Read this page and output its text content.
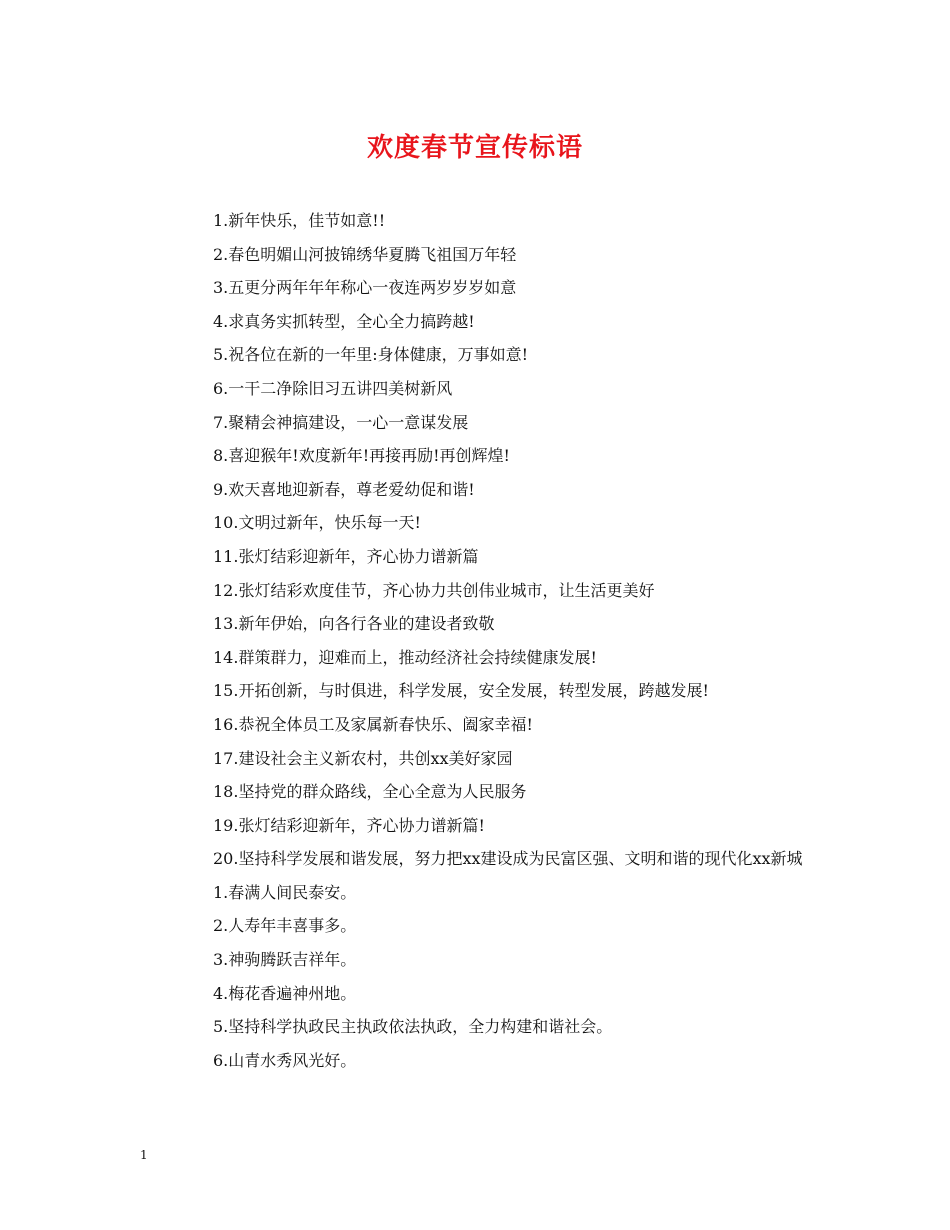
欢度春节宣传标语
1.新年快乐，佳节如意!!
2.春色明媚山河披锦绣华夏腾飞祖国万年轻
3.五更分两年年年称心一夜连两岁岁岁如意
4.求真务实抓转型，全心全力搞跨越!
5.祝各位在新的一年里:身体健康，万事如意!
6.一干二净除旧习五讲四美树新风
7.聚精会神搞建设，一心一意谋发展
8.喜迎猴年!欢度新年!再接再励!再创辉煌!
9.欢天喜地迎新春，尊老爱幼促和谐!
10.文明过新年，快乐每一天!
11.张灯结彩迎新年，齐心协力谱新篇
12.张灯结彩欢度佳节，齐心协力共创伟业城市，让生活更美好
13.新年伊始，向各行各业的建设者致敬
14.群策群力，迎难而上，推动经济社会持续健康发展!
15.开拓创新，与时俱进，科学发展，安全发展，转型发展，跨越发展!
16.恭祝全体员工及家属新春快乐、阖家幸福!
17.建设社会主义新农村，共创xx美好家园
18.坚持党的群众路线，全心全意为人民服务
19.张灯结彩迎新年，齐心协力谱新篇!
20.坚持科学发展和谐发展，努力把xx建设成为民富区强、文明和谐的现代化xx新城
1.春满人间民泰安。
2.人寿年丰喜事多。
3.神驹腾跃吉祥年。
4.梅花香遍神州地。
5.坚持科学执政民主执政依法执政，全力构建和谐社会。
6.山青水秀风光好。
1
